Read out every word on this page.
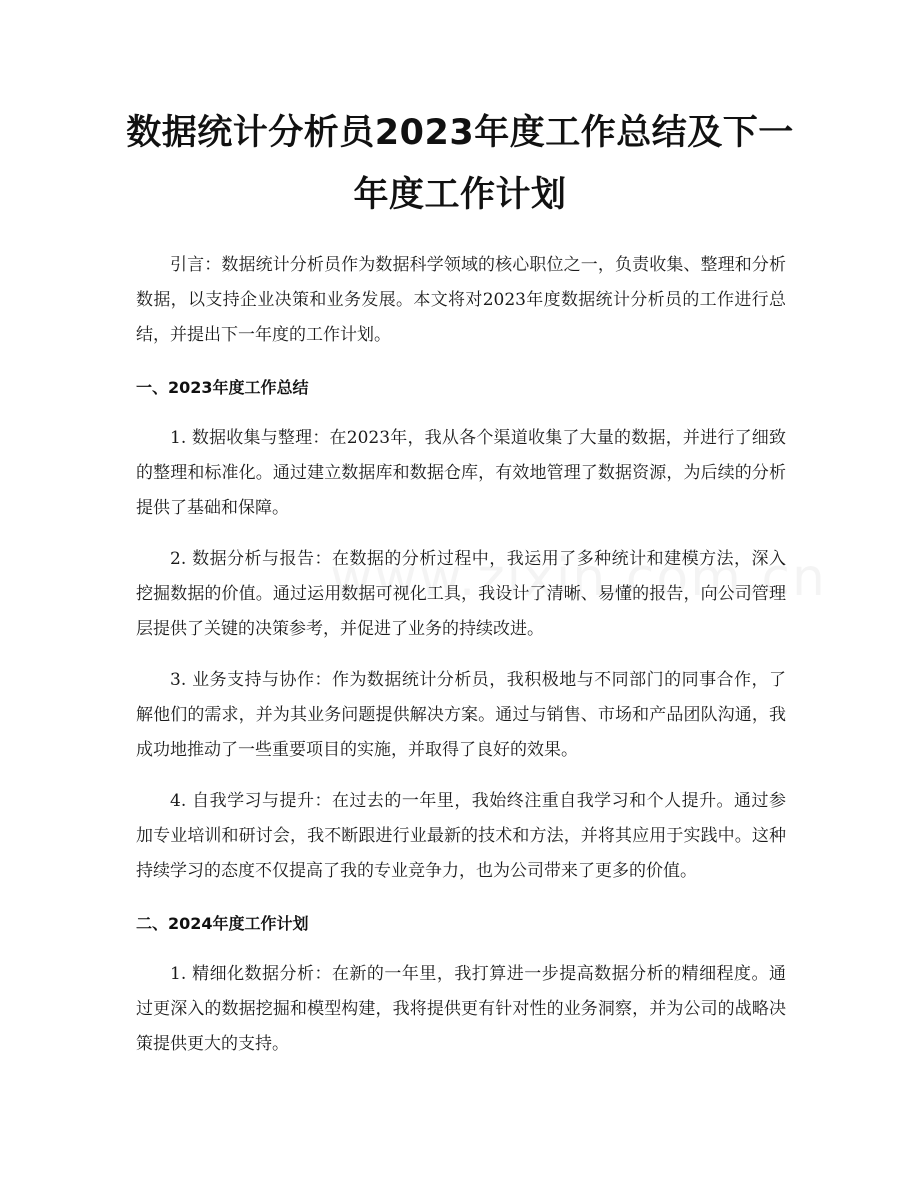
数据统计分析员2023年度工作总结及下一年度工作计划

引言：数据统计分析员作为数据科学领域的核心职位之一，负责收集、整理和分析数据，以支持企业决策和业务发展。本文将对2023年度数据统计分析员的工作进行总结，并提出下一年度的工作计划。

一、2023年度工作总结

1. 数据收集与整理：在2023年，我从各个渠道收集了大量的数据，并进行了细致的整理和标准化。通过建立数据库和数据仓库，有效地管理了数据资源，为后续的分析提供了基础和保障。

2. 数据分析与报告：在数据的分析过程中，我运用了多种统计和建模方法，深入挖掘数据的价值。通过运用数据可视化工具，我设计了清晰、易懂的报告，向公司管理层提供了关键的决策参考，并促进了业务的持续改进。

3. 业务支持与协作：作为数据统计分析员，我积极地与不同部门的同事合作，了解他们的需求，并为其业务问题提供解决方案。通过与销售、市场和产品团队沟通，我成功地推动了一些重要项目的实施，并取得了良好的效果。

4. 自我学习与提升：在过去的一年里，我始终注重自我学习和个人提升。通过参加专业培训和研讨会，我不断跟进行业最新的技术和方法，并将其应用于实践中。这种持续学习的态度不仅提高了我的专业竞争力，也为公司带来了更多的价值。

二、2024年度工作计划

1. 精细化数据分析：在新的一年里，我打算进一步提高数据分析的精细程度。通过更深入的数据挖掘和模型构建，我将提供更有针对性的业务洞察，并为公司的战略决策提供更大的支持。
